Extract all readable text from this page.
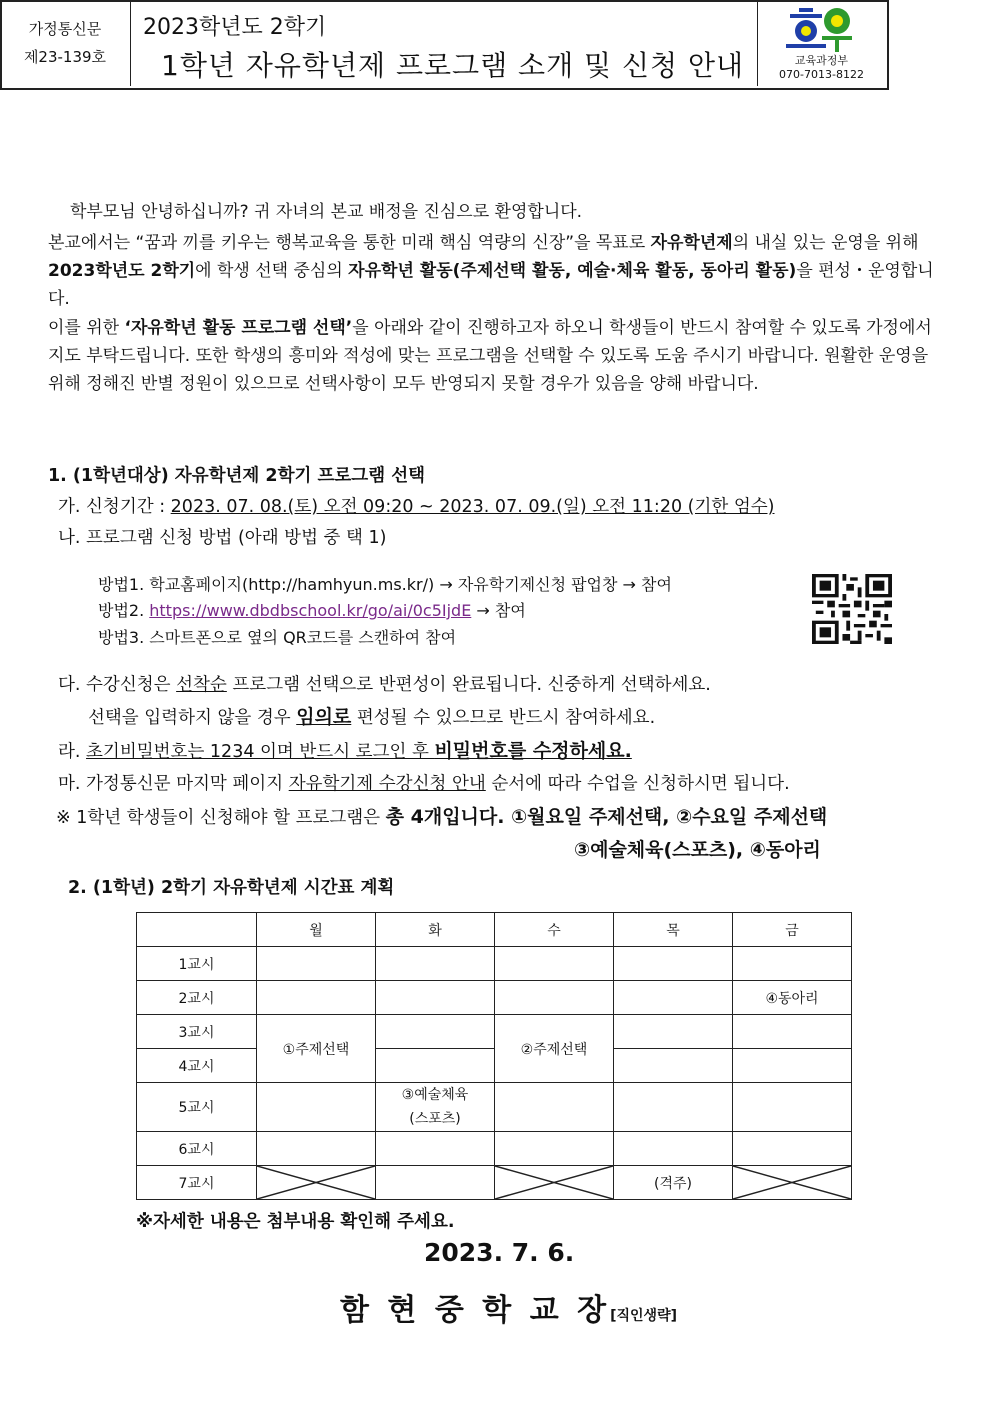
가정통신문
제23-139호
2023학년도 2학기
1학년 자유학년제 프로그램 소개 및 신청 안내	교육과정부
070-7013-8122
학부모님 안녕하십니까? 귀 자녀의 본교 배정을 진심으로 환영합니다.
본교에서는 “꿈과 끼를 키우는 행복교육을 통한 미래 핵심 역량의 신장”을 목표로 자유학년제의 내실 있는 운영을 위해 2023학년도 2학기에 학생 선택 중심의 자유학년 활동(주제선택 활동, 예술·체육 활동, 동아리 활동)을 편성・운영합니다.
이를 위한 ‘자유학년 활동 프로그램 선택’을 아래와 같이 진행하고자 하오니 학생들이 반드시 참여할 수 있도록 가정에서 지도 부탁드립니다. 또한 학생의 흥미와 적성에 맞는 프로그램을 선택할 수 있도록 도움 주시기 바랍니다. 원활한 운영을 위해 정해진 반별 정원이 있으므로 선택사항이 모두 반영되지 못할 경우가 있음을 양해 바랍니다.
1. (1학년대상) 자유학년제 2학기 프로그램 선택
가. 신청기간 : 2023. 07. 08.(토) 오전 09:20 ~ 2023. 07. 09.(일) 오전 11:20 (기한 엄수)
나. 프로그램 신청 방법 (아래 방법 중 택 1)
방법1. 학교홈페이지(http://hamhyun.ms.kr/) → 자유학기제신청 팝업창 → 참여
방법2. https://www.dbdbschool.kr/go/ai/0c5IjdE → 참여
방법3. 스마트폰으로 옆의 QR코드를 스캔하여 참여
다. 수강신청은 선착순 프로그램 선택으로 반편성이 완료됩니다. 신중하게 선택하세요.
선택을 입력하지 않을 경우 임의로 편성될 수 있으므로 반드시 참여하세요.
라. 초기비밀번호는 1234 이며 반드시 로그인 후 비밀번호를 수정하세요.
마. 가정통신문 마지막 페이지 자유학기제 수강신청 안내 순서에 따라 수업을 신청하시면 됩니다.
※ 1학년 학생들이 신청해야 할 프로그램은 총 4개입니다. ①월요일 주제선택, ②수요일 주제선택
③예술체육(스포츠), ④동아리
2. (1학년) 2학기 자유학년제 시간표 계획
	월	화	수	목	금
1교시					
2교시					④동아리
3교시	①주제선택		②주제선택		
4교시					
5교시		③예술체육
(스포츠)			
6교시					
7교시				(격주)	
※자세한 내용은 첨부내용 확인해 주세요.
2023. 7. 6.
함 현 중 학 교 장[직인생략]
